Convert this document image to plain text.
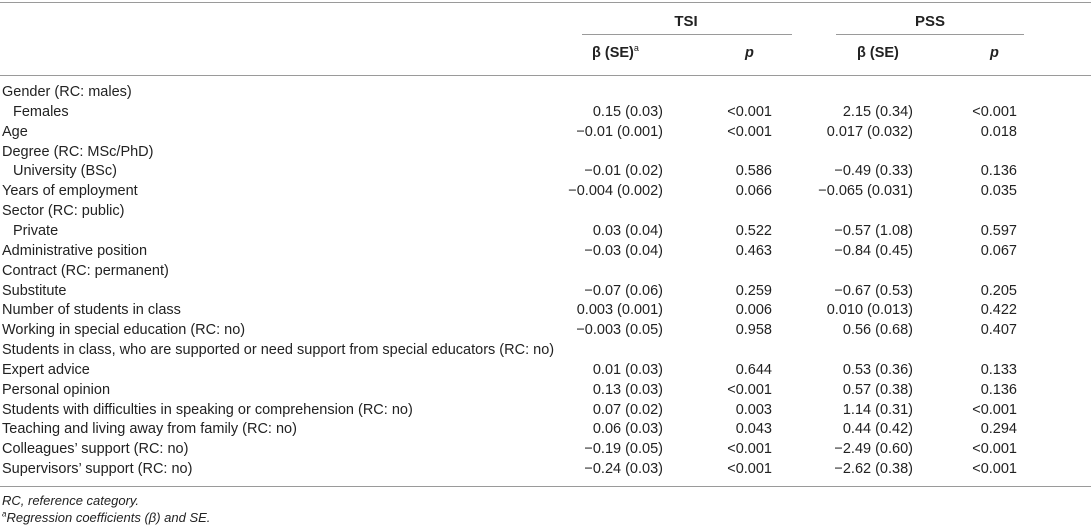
TSI	PSS
β (SE)$^a$	p	β (SE)	p
Gender (RC: males)
Females	0.15 (0.03)	<0.001	2.15 (0.34)	<0.001
Age	−0.01 (0.001)	<0.001	0.017 (0.032)	0.018
Degree (RC: MSc/PhD)
University (BSc)	−0.01 (0.02)	0.586	−0.49 (0.33)	0.136
Years of employment	−0.004 (0.002)	0.066	−0.065 (0.031)	0.035
Sector (RC: public)
Private	0.03 (0.04)	0.522	−0.57 (1.08)	0.597
Administrative position	−0.03 (0.04)	0.463	−0.84 (0.45)	0.067
Contract (RC: permanent)
Substitute	−0.07 (0.06)	0.259	−0.67 (0.53)	0.205
Number of students in class	0.003 (0.001)	0.006	0.010 (0.013)	0.422
Working in special education (RC: no)	−0.003 (0.05)	0.958	0.56 (0.68)	0.407
Students in class, who are supported or need support from special educators (RC: no)
Expert advice	0.01 (0.03)	0.644	0.53 (0.36)	0.133
Personal opinion	0.13 (0.03)	<0.001	0.57 (0.38)	0.136
Students with difficulties in speaking or comprehension (RC: no)	0.07 (0.02)	0.003	1.14 (0.31)	<0.001
Teaching and living away from family (RC: no)	0.06 (0.03)	0.043	0.44 (0.42)	0.294
Colleagues’ support (RC: no)	−0.19 (0.05)	<0.001	−2.49 (0.60)	<0.001
Supervisors’ support (RC: no)	−0.24 (0.03)	<0.001	−2.62 (0.38)	<0.001
RC, reference category.
$^a$Regression coefficients (β) and SE.
